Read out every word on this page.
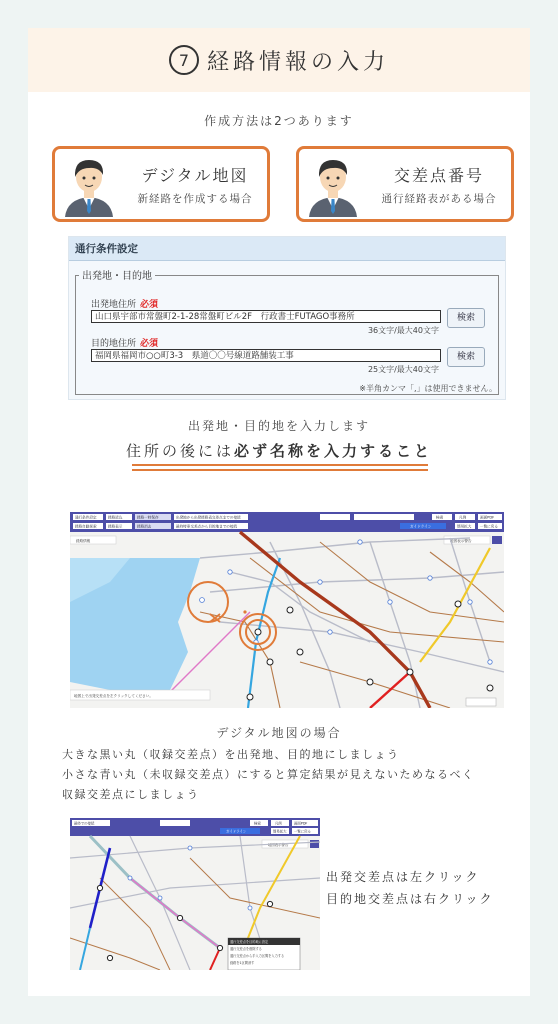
7 経路情報の入力
作成方法は2つあります
デジタル地図
新経路を作成する場合
交差点番号
通行経路表がある場合
通行条件設定
出発地・目的地
出発地住所 必須
山口県宇部市常盤町2-1-28常盤町ビル2F　行政書士FUTAGO事務所
36文字/最大40文字
検索
目的地住所 必須
福岡県福岡市○○町3-3　県道〇〇号線道路舗装工事
25文字/最大40文字
検索
※半角カンマ「,」は使用できません。
出発地・目的地を入力します
住所の後には必ず名称を入力すること
通行条件設定	経路読込	経路一時保存	出発地から出発経路表交差点までの接続
経路自動探索	経路表示	経路消去	最終特車交差点から目的地までの接続
検索	凡例	画面PDF
ガイドライン	簡易拡大 一覧に戻る
経路情報	地図表示警告
地図上で出発交差点を左クリックしてください。
デジタル地図の場合
大きな黒い丸（収録交差点）を出発地、目的地にしましょう
小さな青い丸（未収録交差点）にすると算定結果が見えないためなるべく
収録交差点にしましょう
最終での接続	検索	凡例	画面PDF
ガイドライン	簡易拡大 一覧に戻る
地図表示警告
通行交差点を目的地に設定
通行交差点を削除する
通行交差点から手入力区間を入力する
経路を1区間消す
出発交差点は左クリック
目的地交差点は右クリック
